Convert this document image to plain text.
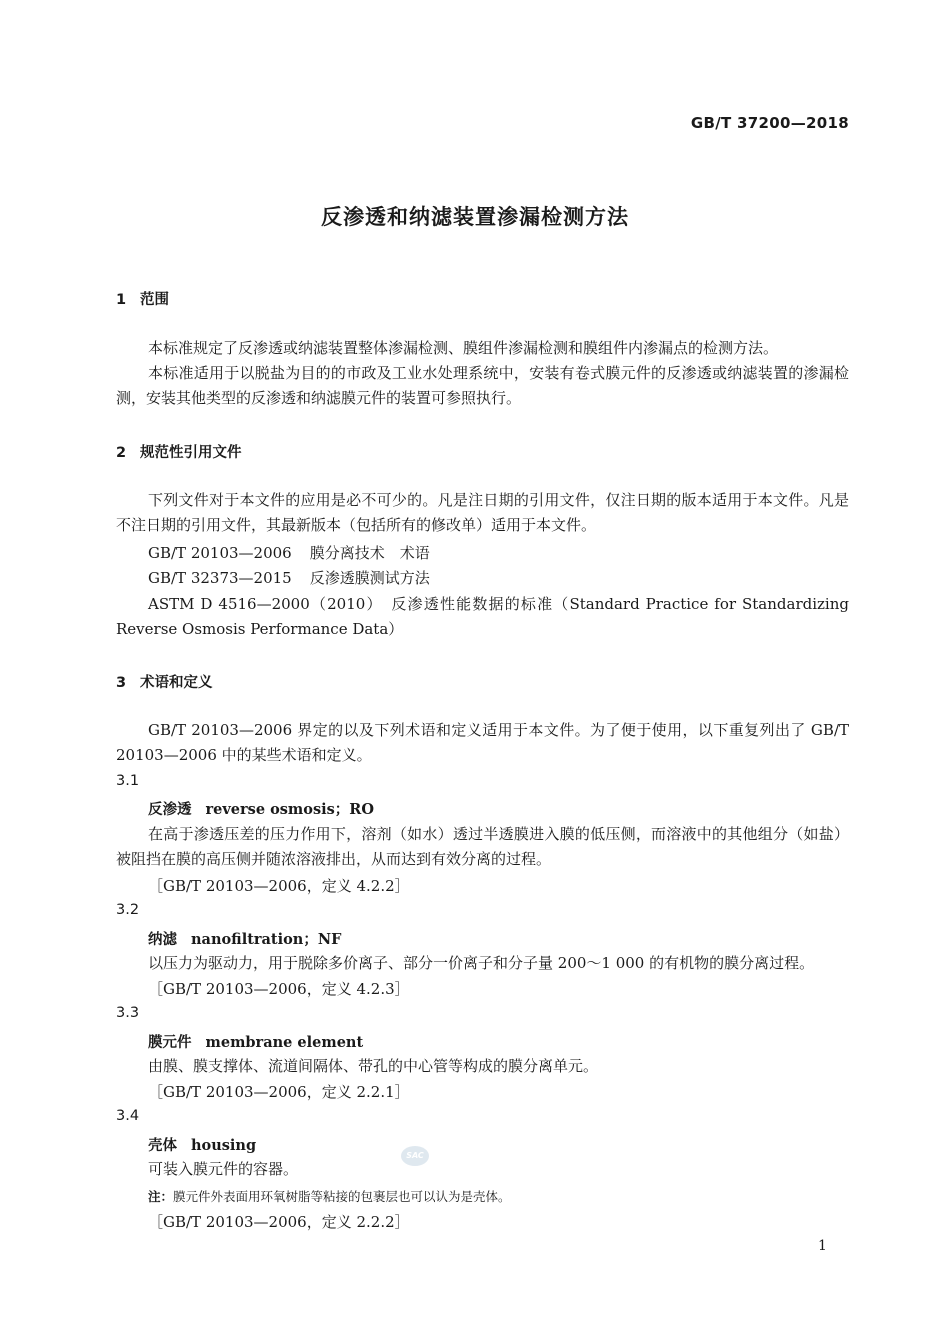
GB/T 37200—2018
反渗透和纳滤装置渗漏检测方法
1 范围
本标准规定了反渗透或纳滤装置整体渗漏检测、膜组件渗漏检测和膜组件内渗漏点的检测方法。
本标准适用于以脱盐为目的的市政及工业水处理系统中，安装有卷式膜元件的反渗透或纳滤装置的渗漏检测，安装其他类型的反渗透和纳滤膜元件的装置可参照执行。
2 规范性引用文件
下列文件对于本文件的应用是必不可少的。凡是注日期的引用文件，仅注日期的版本适用于本文件。凡是不注日期的引用文件，其最新版本（包括所有的修改单）适用于本文件。
GB/T 20103—2006 膜分离技术　术语
GB/T 32373—2015 反渗透膜测试方法
ASTM D 4516—2000（2010）　反渗透性能数据的标准（Standard Practice for Standardizing Reverse Osmosis Performance Data）
3 术语和定义
GB/T 20103—2006 界定的以及下列术语和定义适用于本文件。为了便于使用，以下重复列出了 GB/T 20103—2006 中的某些术语和定义。
3.1
反渗透 reverse osmosis；RO
在高于渗透压差的压力作用下，溶剂（如水）透过半透膜进入膜的低压侧，而溶液中的其他组分（如盐）被阻挡在膜的高压侧并随浓溶液排出，从而达到有效分离的过程。
［GB/T 20103—2006，定义 4.2.2］
3.2
纳滤 nanofiltration；NF
以压力为驱动力，用于脱除多价离子、部分一价离子和分子量 200～1 000 的有机物的膜分离过程。
［GB/T 20103—2006，定义 4.2.3］
3.3
膜元件 membrane element
由膜、膜支撑体、流道间隔体、带孔的中心管等构成的膜分离单元。
［GB/T 20103—2006，定义 2.2.1］
3.4
壳体 housing
可装入膜元件的容器。
注：膜元件外表面用环氧树脂等粘接的包裹层也可以认为是壳体。
［GB/T 20103—2006，定义 2.2.2］
SAC
1
